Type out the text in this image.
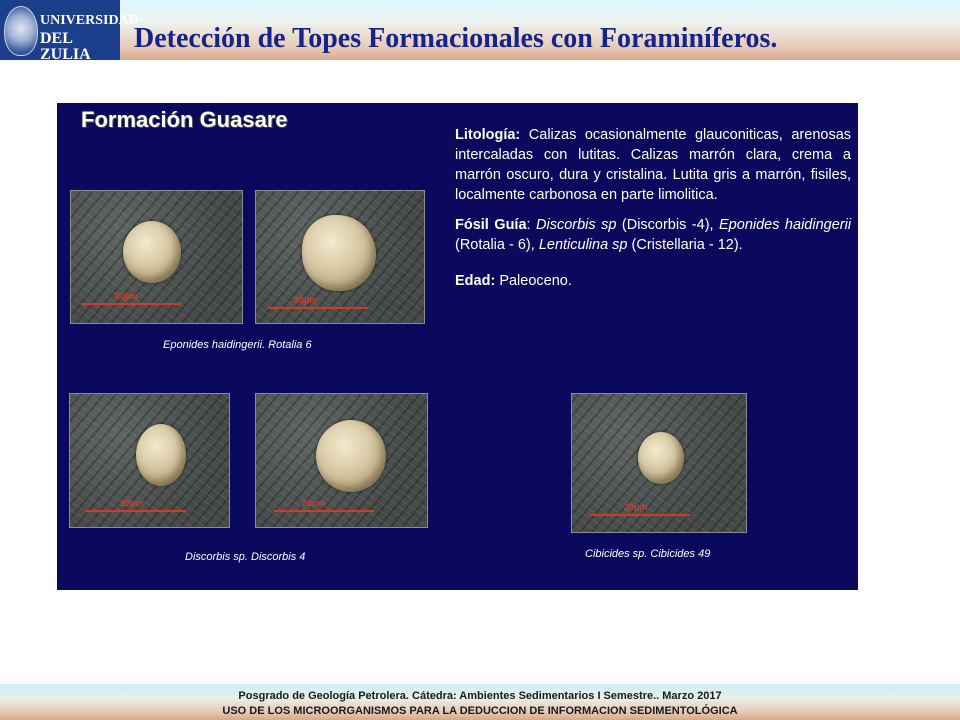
UNIVERSIDAD
DEL ZULIA
Detección de Topes Formacionales con Foraminíferos.
Formación Guasare

Litología: Calizas ocasionalmente glauconiticas, arenosas intercaladas con lutitas. Calizas marrón clara, crema a marrón oscuro, dura y cristalina. Lutita gris a marrón, fisiles, localmente carbonosa en parte limolitica.

Fósil Guía: Discorbis sp (Discorbis -4), Eponides haidingerii (Rotalia - 6), Lenticulina sp (Cristellaria - 12).

Edad: Paleoceno.

20µm	20µm
Eponides haidingerii. Rotalia 6
20µm	20µm
Discorbis sp. Discorbis 4
20µm
Cibicides sp. Cibicides 49
Posgrado de Geología Petrolera. Cátedra: Ambientes Sedimentarios I Semestre.. Marzo 2017
USO DE LOS MICROORGANISMOS PARA LA DEDUCCION DE INFORMACION SEDIMENTOLÓGICA
